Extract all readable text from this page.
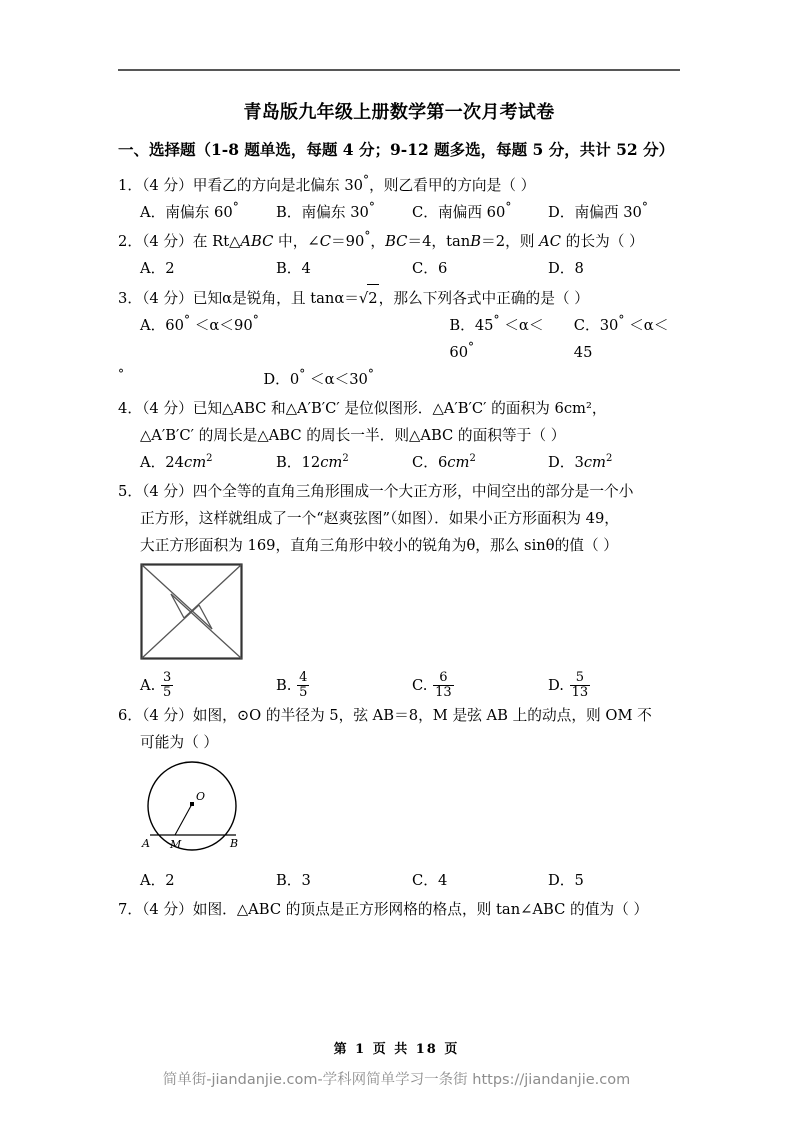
青岛版九年级上册数学第一次月考试卷
一、选择题（1-8 题单选，每题 4 分；9-12 题多选，每题 5 分，共计 52 分）
1．（4 分）甲看乙的方向是北偏东 30°，则乙看甲的方向是（ ）
A．南偏东 60°	B．南偏东 30°	C．南偏西 60°	D．南偏西 30°
2．（4 分）在 Rt△ABC 中，∠C＝90°，BC＝4，tanB＝2，则 AC 的长为（ ）
A．2	B．4	C．6	D．8
3．（4 分）已知α是锐角，且 tanα＝√2，那么下列各式中正确的是（ ）
A．60° ＜α＜90°	B．45° ＜α＜60°
C．30° ＜α＜45
°	D．0° ＜α＜30°
4．（4 分）已知△ABC 和△A′B′C′ 是位似图形．△A′B′C′ 的面积为 6cm²，
△A′B′C′ 的周长是△ABC 的周长一半．则△ABC 的面积等于（ ）
A．$24cm^2$	B．$12cm^2$	C．$6cm^2$	D．$3cm^2$
5．（4 分）四个全等的直角三角形围成一个大正方形，中间空出的部分是一个小
正方形，这样就组成了一个“赵爽弦图”（如图）．如果小正方形面积为 49，
大正方形面积为 169，直角三角形中较小的锐角为θ，那么 sinθ的值（ ）
A. $\frac{3}{5}$	B. $\frac{4}{5}$	C. $\frac{6}{13}$	D. $\frac{5}{13}$
6．（4 分）如图，⊙O 的半径为 5，弦 AB＝8，M 是弦 AB 上的动点，则 OM 不
可能为（ ）
O
A M	B
A．2	B．3	C．4	D．5
7．（4 分）如图．△ABC 的顶点是正方形网格的格点，则 tan∠ABC 的值为（ ）
第 1 页 共 18 页
简单街-jiandanjie.com-学科网简单学习一条街 https://jiandanjie.com
